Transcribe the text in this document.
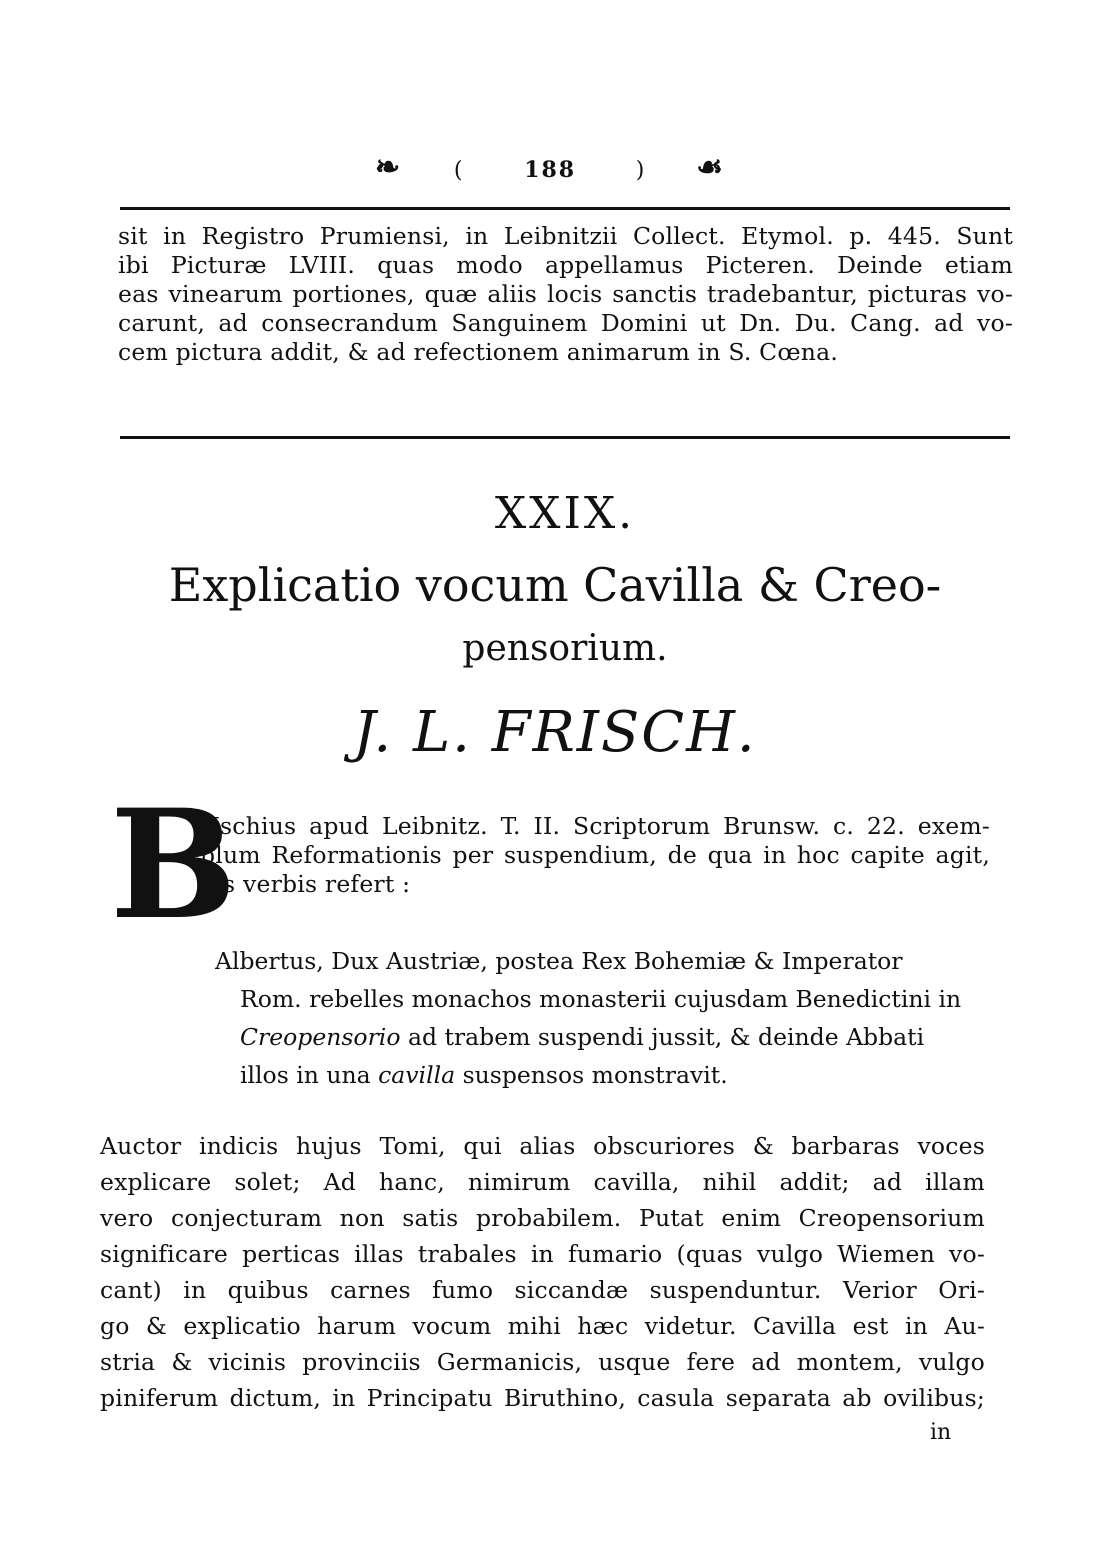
❧ (	188	) ☙
sit in Registro Prumiensi, in Leibnitzii Collect. Etymol. p. 445. Sunt
ibi Picturæ LVIII. quas modo appellamus Picteren. Deinde etiam
eas vinearum portiones, quæ aliis locis sanctis tradebantur, picturas vo-
carunt, ad consecrandum Sanguinem Domini ut Dn. Du. Cang. ad vo-
cem pictura addit, & ad refectionem animarum in S. Cœna.
XXIX.
Explicatio vocum Cavilla & Creo-
pensorium.
J. L. FRISCH.
B
Uschius apud Leibnitz. T. II. Scriptorum Brunsw. c. 22. exem-
plum Reformationis per suspendium, de qua in hoc capite agit,
his verbis refert :
Albertus, Dux Austriæ, postea Rex Bohemiæ & Imperator
Rom. rebelles monachos monasterii cujusdam Benedictini in
Creopensorio ad trabem suspendi jussit, & deinde Abbati
illos in una cavilla suspensos monstravit.
Auctor indicis hujus Tomi, qui alias obscuriores & barbaras voces
explicare solet; Ad hanc, nimirum cavilla, nihil addit; ad illam
vero conjecturam non satis probabilem. Putat enim Creopensorium
significare perticas illas trabales in fumario (quas vulgo Wiemen vo-
cant) in quibus carnes fumo siccandæ suspenduntur. Verior Ori-
go & explicatio harum vocum mihi hæc videtur. Cavilla est in Au-
stria & vicinis provinciis Germanicis, usque fere ad montem, vulgo
piniferum dictum, in Principatu Biruthino, casula separata ab ovilibus;
in
